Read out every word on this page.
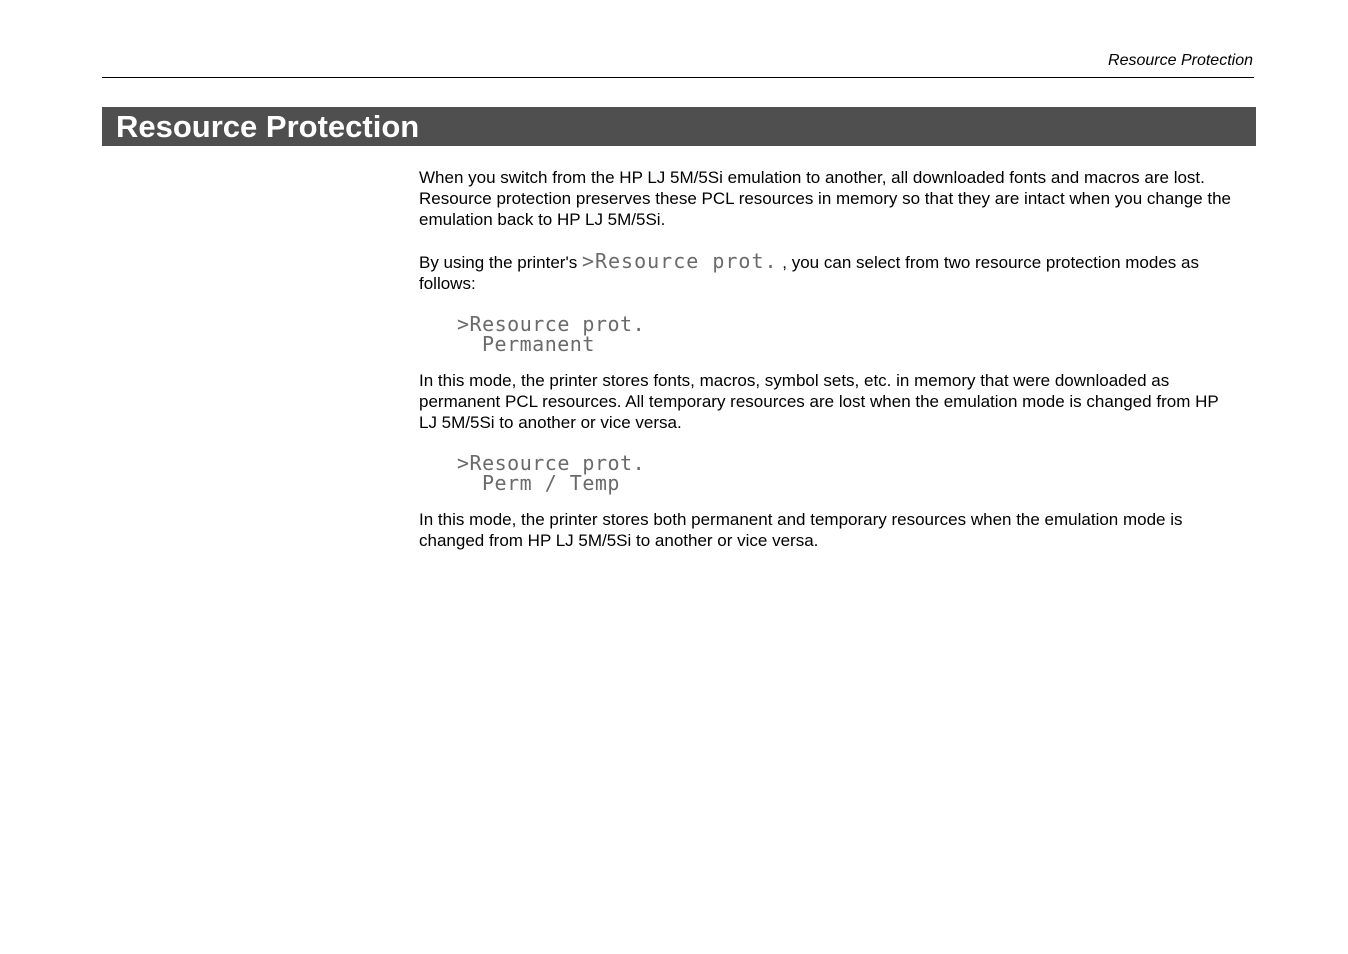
Resource Protection
Resource Protection

When you switch from the HP LJ 5M/5Si emulation to another, all downloaded fonts and macros are lost. Resource protection preserves these PCL resources in memory so that they are intact when you change the emulation back to HP LJ 5M/5Si.

By using the printer's >Resource prot. , you can select from two resource protection modes as follows:

>Resource prot.
Permanent

In this mode, the printer stores fonts, macros, symbol sets, etc. in memory that were downloaded as permanent PCL resources. All temporary resources are lost when the emulation mode is changed from HP LJ 5M/5Si to another or vice versa.

>Resource prot.
Perm / Temp

In this mode, the printer stores both permanent and temporary resources when the emulation mode is changed from HP LJ 5M/5Si to another or vice versa.
